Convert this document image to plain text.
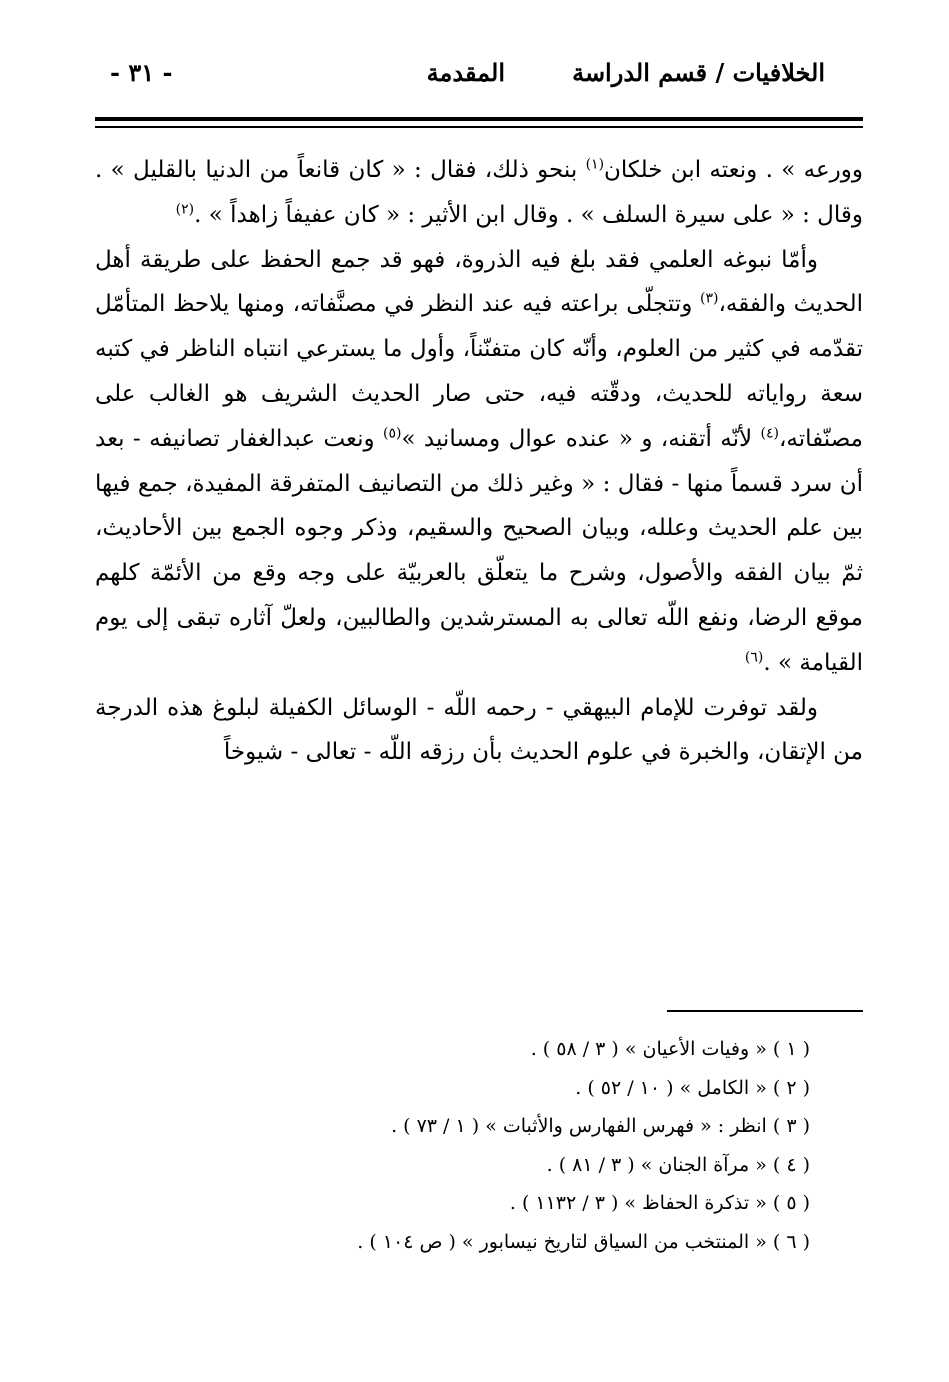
الخلافيات / قسم الدراسة
المقدمة
- ٣١ -

وورعه » . ونعته ابن خلكان$^{(١)}$ بنحو ذلك، فقال : « كان قانعاً من الدنيا بالقليل » . وقال : « على سيرة السلف » . وقال ابن الأثير : « كان عفيفاً زاهداً » .$^{(٢)}$

وأمّا نبوغه العلمي فقد بلغ فيه الذروة، فهو قد جمع الحفظ على طريقة أهل الحديث والفقه،$^{(٣)}$ وتتجلّى براعته فيه عند النظر في مصنَّفاته، ومنها يلاحظ المتأمّل تقدّمه في كثير من العلوم، وأنّه كان متفنّناً، وأول ما يسترعي انتباه الناظر في كتبه سعة رواياته للحديث، ودقّته فيه، حتى صار الحديث الشريف هو الغالب على مصنّفاته،$^{(٤)}$ لأنّه أتقنه، و « عنده عوال ومسانيد »$^{(٥)}$ ونعت عبدالغفار تصانيفه - بعد أن سرد قسماً منها - فقال : « وغير ذلك من التصانيف المتفرقة المفيدة، جمع فيها بين علم الحديث وعلله، وبيان الصحيح والسقيم، وذكر وجوه الجمع بين الأحاديث، ثمّ بيان الفقه والأصول، وشرح ما يتعلّق بالعربيّة على وجه وقع من الأئمّة كلهم موقع الرضا، ونفع اللّه تعالى به المسترشدين والطالبين، ولعلّ آثاره تبقى إلى يوم القيامة » .$^{(٦)}$

ولقد توفرت للإمام البيهقي - رحمه اللّه - الوسائل الكفيلة لبلوغ هذه الدرجة من الإتقان، والخبرة في علوم الحديث بأن رزقه اللّه - تعالى - شيوخاً

( ١ ) « وفيات الأعيان » ( ٣ / ٥٨ ) .
( ٢ ) « الكامل » ( ١٠ / ٥٢ ) .
( ٣ ) انظر : « فهرس الفهارس والأثبات » ( ١ / ٧٣ ) .
( ٤ ) « مرآة الجنان » ( ٣ / ٨١ ) .
( ٥ ) « تذكرة الحفاظ » ( ٣ / ١١٣٢ ) .
( ٦ ) « المنتخب من السياق لتاريخ نيسابور » ( ص ١٠٤ ) .
